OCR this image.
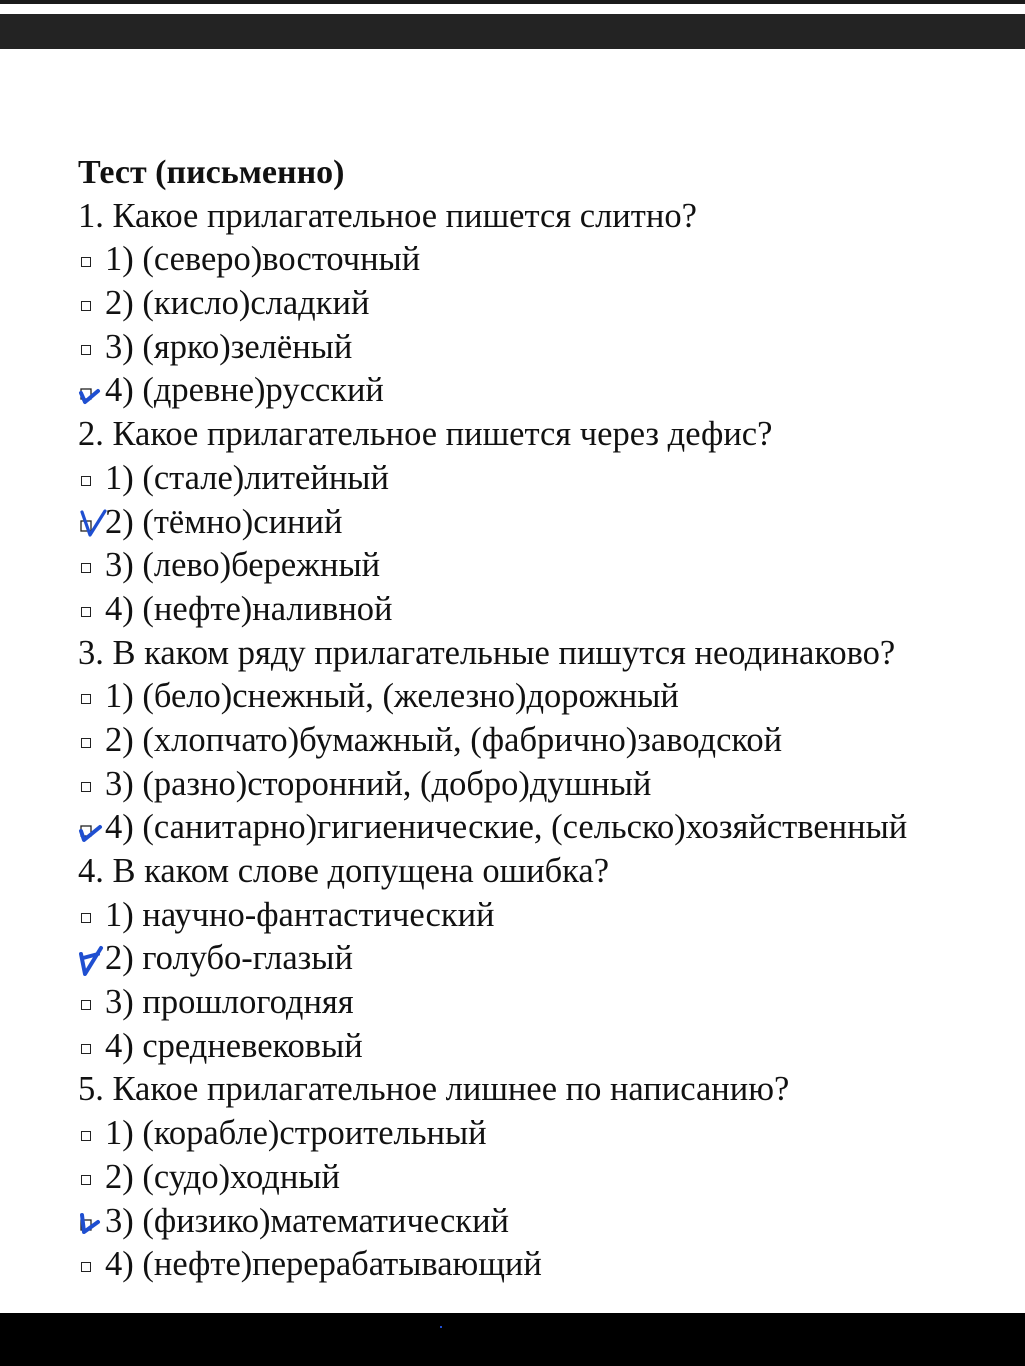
Тест (письменно)
1. Какое прилагательное пишется слитно?
1) (северо)восточный
2) (кисло)сладкий
3) (ярко)зелёный
4) (древне)русский
2. Какое прилагательное пишется через дефис?
1) (стале)литейный
2) (тёмно)синий
3) (лево)бережный
4) (нефте)наливной
3. В каком ряду прилагательные пишутся неодинаково?
1) (бело)снежный, (железно)дорожный
2) (хлопчато)бумажный, (фабрично)заводской
3) (разно)сторонний, (добро)душный
4) (санитарно)гигиенические, (сельско)хозяйственный
4. В каком слове допущена ошибка?
1) научно-фантастический
2) голубо-глазый
3) прошлогодняя
4) средневековый
5. Какое прилагательное лишнее по написанию?
1) (корабле)строительный
2) (судо)ходный
3) (физико)математический
4) (нефте)перерабатывающий
